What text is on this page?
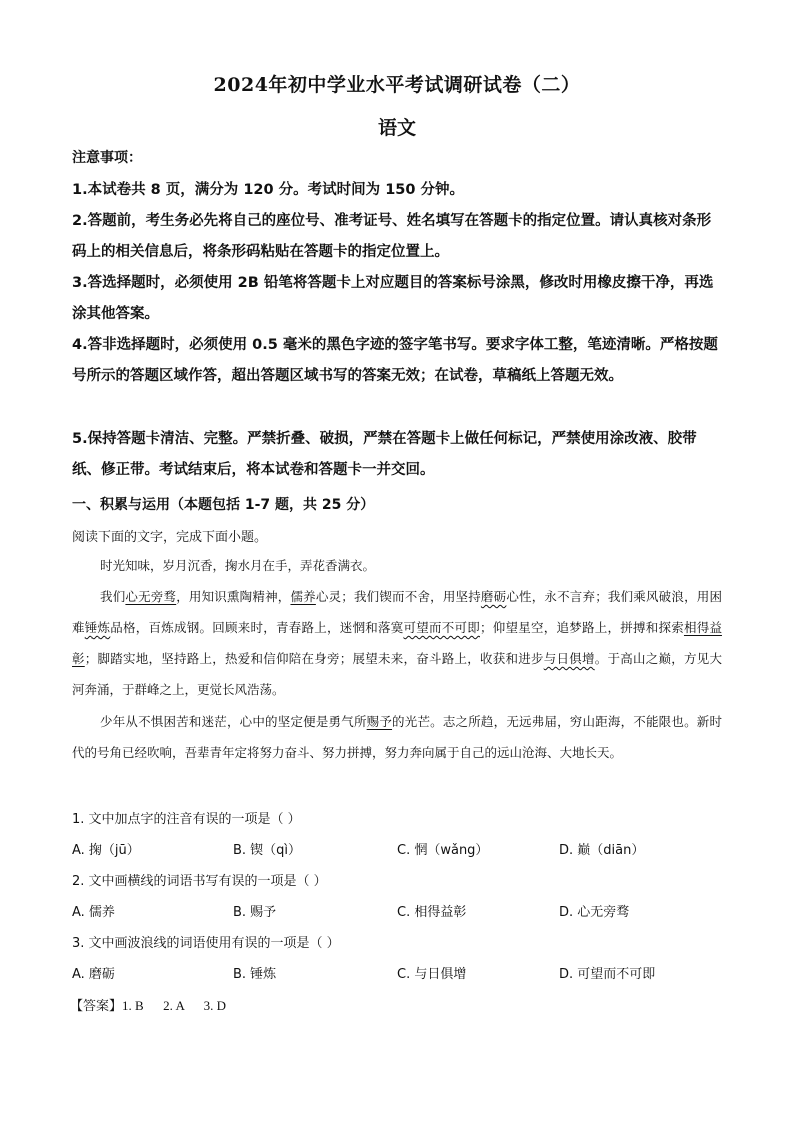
2024年初中学业水平考试调研试卷（二）
语文
注意事项：
1.本试卷共 8 页，满分为 120 分。考试时间为 150 分钟。
2.答题前，考生务必先将自己的座位号、准考证号、姓名填写在答题卡的指定位置。请认真核对条形码上的相关信息后，将条形码粘贴在答题卡的指定位置上。
3.答选择题时，必须使用 2B 铅笔将答题卡上对应题目的答案标号涂黑，修改时用橡皮擦干净，再选涂其他答案。
4.答非选择题时，必须使用 0.5 毫米的黑色字迹的签字笔书写。要求字体工整，笔迹清晰。严格按题号所示的答题区域作答，超出答题区域书写的答案无效；在试卷，草稿纸上答题无效。
5.保持答题卡清洁、完整。严禁折叠、破损，严禁在答题卡上做任何标记，严禁使用涂改液、胶带纸、修正带。考试结束后，将本试卷和答题卡一并交回。
一、积累与运用（本题包括 1-7 题，共 25 分）
阅读下面的文字，完成下面小题。
时光知味，岁月沉香，掬水月在手，弄花香满衣。
我们心无旁骛，用知识熏陶精神，儒养心灵；我们锲而不舍，用坚持磨砺心性，永不言弃；我们乘风破浪，用困难锤炼品格，百炼成钢。回顾来时，青春路上，迷惘和落寞可望而不可即；仰望星空，追梦路上，拼搏和探索相得益彰；脚踏实地，坚持路上，热爱和信仰陪在身旁；展望未来，奋斗路上，收获和进步与日俱增。于高山之巅，方见大河奔涌，于群峰之上，更觉长风浩荡。
少年从不惧困苦和迷茫，心中的坚定便是勇气所赐予的光芒。志之所趋，无远弗届，穷山距海，不能限也。新时代的号角已经吹响，吾辈青年定将努力奋斗、努力拼搏，努力奔向属于自己的远山沧海、大地长天。
1. 文中加点字的注音有误的一项是（ ）
A. 掬（jū）	B. 锲（qì）	C. 惘（wǎng）	D. 巅（diān）
2. 文中画横线的词语书写有误的一项是（ ）
A. 儒养	B. 赐予	C. 相得益彰	D. 心无旁骛
3. 文中画波浪线的词语使用有误的一项是（ ）
A. 磨砺	B. 锤炼	C. 与日俱增	D. 可望而不可即
【答案】1. B      2. A      3. D
